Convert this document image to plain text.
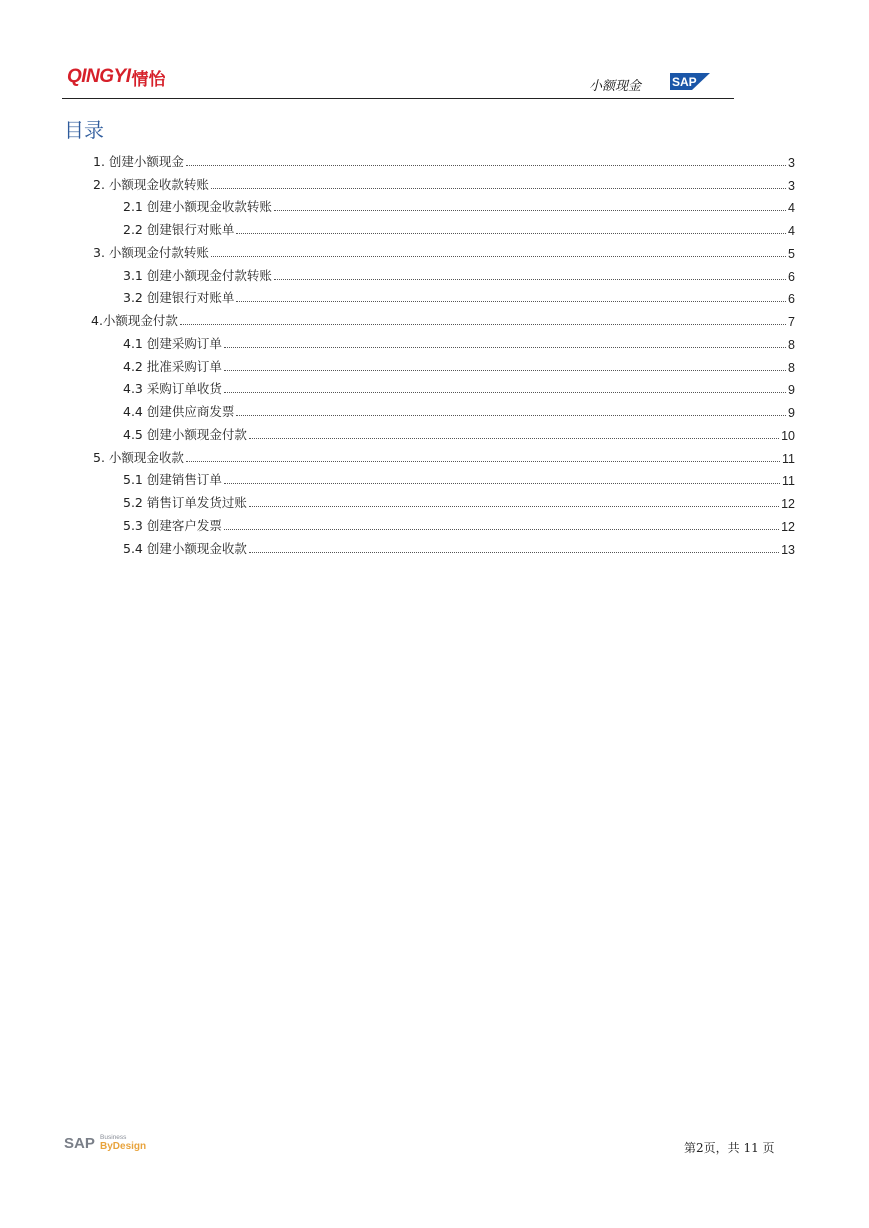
QINGYI 情怡	小额现金	SAP
目录
1. 创建小额现金	3
2. 小额现金收款转账	3
2.1 创建小额现金收款转账	4
2.2 创建银行对账单	4
3. 小额现金付款转账	5
3.1 创建小额现金付款转账	6
3.2 创建银行对账单	6
4.小额现金付款	7
4.1 创建采购订单	8
4.2 批准采购订单	8
4.3 采购订单收货	9
4.4 创建供应商发票	9
4.5 创建小额现金付款	10
5. 小额现金收款	11
5.1 创建销售订单	11
5.2 销售订单发货过账	12
5.3 创建客户发票	12
5.4 创建小额现金收款	13
SAP Business
ByDesign	第2页，共 11 页
